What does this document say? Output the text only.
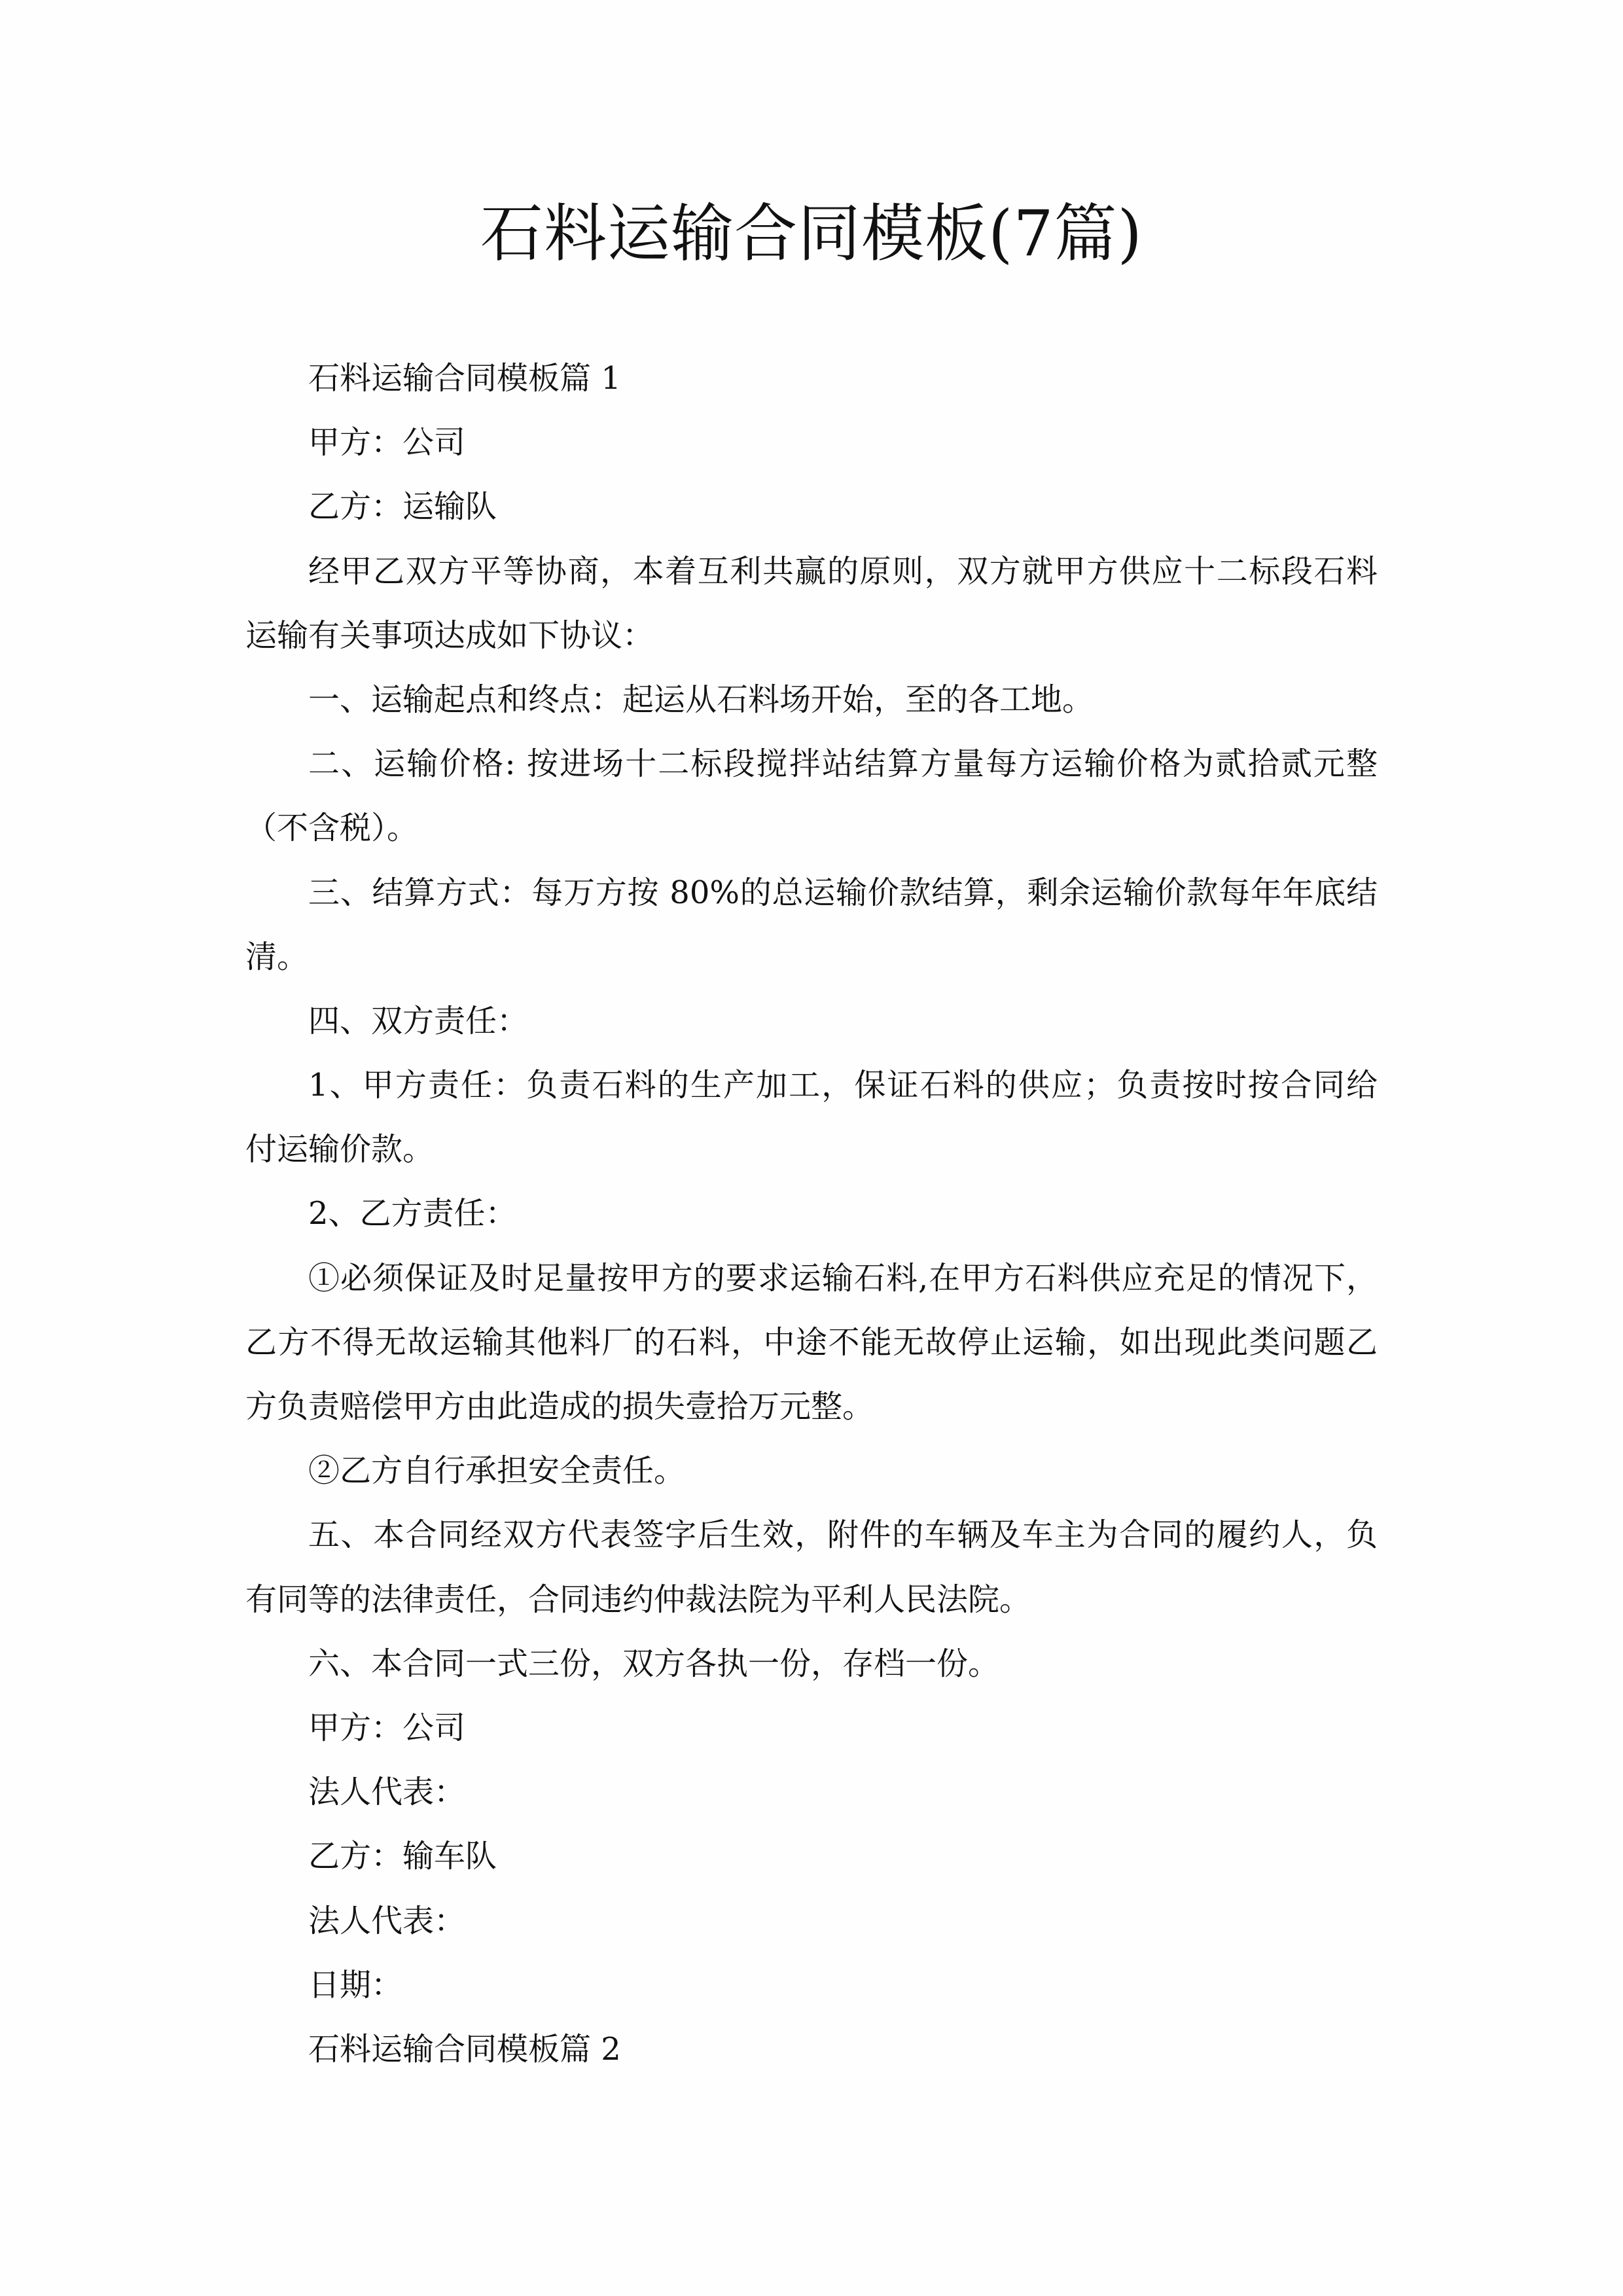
石料运输合同模板(7篇)
石料运输合同模板篇 1
甲方：公司
乙方：运输队
经甲乙双方平等协商，本着互利共赢的原则，双方就甲方供应十二标段石料
运输有关事项达成如下协议：
一、运输起点和终点：起运从石料场开始，至的各工地。
二、运输价格: 按进场十二标段搅拌站结算方量每方运输价格为贰拾贰元整
（不含税）。
三、结算方式：每万方按 80%的总运输价款结算，剩余运输价款每年年底结
清。
四、双方责任：
1、甲方责任：负责石料的生产加工，保证石料的供应；负责按时按合同给
付运输价款。
2、乙方责任：
①必须保证及时足量按甲方的要求运输石料,在甲方石料供应充足的情况下，
乙方不得无故运输其他料厂的石料，中途不能无故停止运输，如出现此类问题乙
方负责赔偿甲方由此造成的损失壹拾万元整。
②乙方自行承担安全责任。
五、本合同经双方代表签字后生效，附件的车辆及车主为合同的履约人，负
有同等的法律责任，合同违约仲裁法院为平利人民法院。
六、本合同一式三份，双方各执一份，存档一份。
甲方：公司
法人代表：
乙方：输车队
法人代表：
日期：
石料运输合同模板篇 2
